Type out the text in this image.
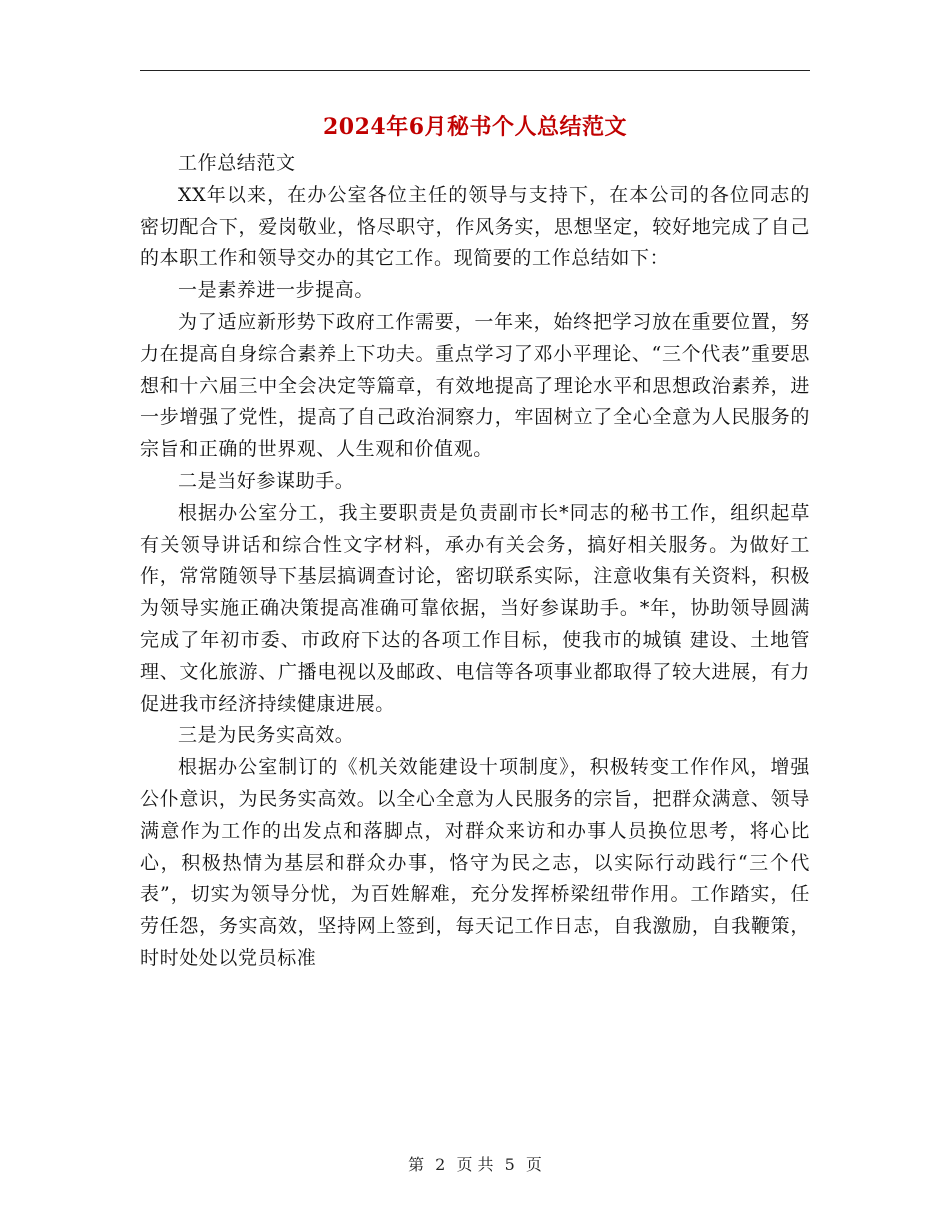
2024年6月秘书个人总结范文

工作总结范文

XX年以来，在办公室各位主任的领导与支持下，在本公司的各位同志的密切配合下，爱岗敬业，恪尽职守，作风务实，思想坚定，较好地完成了自己的本职工作和领导交办的其它工作。现简要的工作总结如下：

一是素养进一步提高。

为了适应新形势下政府工作需要，一年来，始终把学习放在重要位置，努力在提高自身综合素养上下功夫。重点学习了邓小平理论、“三个代表”重要思想和十六届三中全会决定等篇章，有效地提高了理论水平和思想政治素养，进一步增强了党性，提高了自己政治洞察力，牢固树立了全心全意为人民服务的宗旨和正确的世界观、人生观和价值观。

二是当好参谋助手。

根据办公室分工，我主要职责是负责副市长*同志的秘书工作，组织起草有关领导讲话和综合性文字材料，承办有关会务，搞好相关服务。为做好工作，常常随领导下基层搞调查讨论，密切联系实际，注意收集有关资料，积极为领导实施正确决策提高准确可靠依据，当好参谋助手。*年，协助领导圆满完成了年初市委、市政府下达的各项工作目标，使我市的城镇 建设、土地管理、文化旅游、广播电视以及邮政、电信等各项事业都取得了较大进展，有力促进我市经济持续健康进展。

三是为民务实高效。

根据办公室制订的《机关效能建设十项制度》，积极转变工作作风，增强公仆意识，为民务实高效。以全心全意为人民服务的宗旨，把群众满意、领导满意作为工作的出发点和落脚点，对群众来访和办事人员换位思考，将心比心，积极热情为基层和群众办事，恪守为民之志，以实际行动践行“三个代表”，切实为领导分忧，为百姓解难，充分发挥桥梁纽带作用。工作踏实，任劳任怨，务实高效，坚持网上签到，每天记工作日志，自我激励，自我鞭策，时时处处以党员标准

第 2 页 共 5 页
